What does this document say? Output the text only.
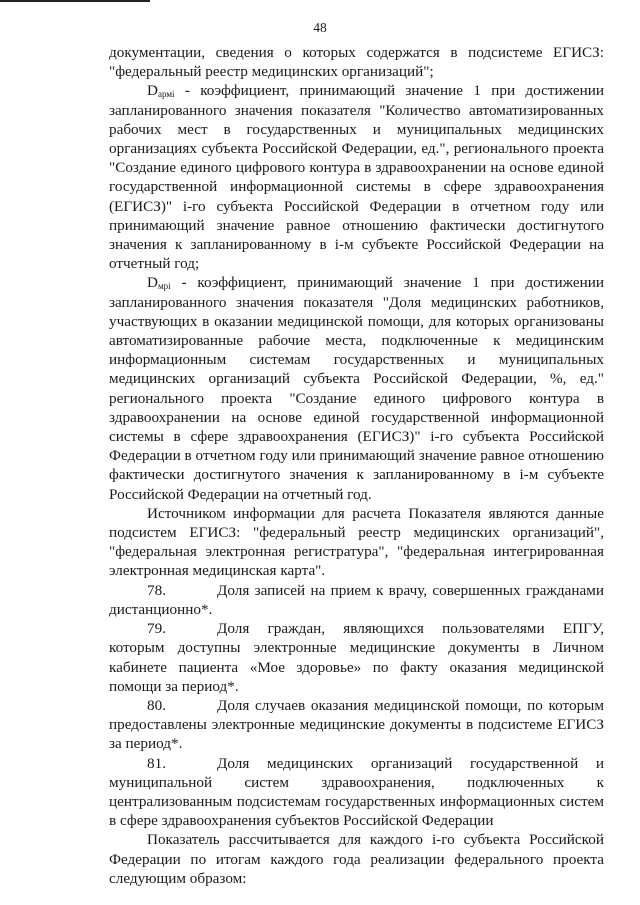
48

документации, сведения о которых содержатся в подсистеме ЕГИСЗ: "федеральный реестр медицинских организаций";

$D_{армi}$ - коэффициент, принимающий значение 1 при достижении запланированного значения показателя "Количество автоматизированных рабочих мест в государственных и муниципальных медицинских организациях субъекта Российской Федерации, ед.", регионального проекта "Создание единого цифрового контура в здравоохранении на основе единой государственной информационной системы в сфере здравоохранения (ЕГИСЗ)" i-го субъекта Российской Федерации в отчетном году или принимающий значение равное отношению фактически достигнутого значения к запланированному в i-м субъекте Российской Федерации на отчетный год;

$D_{мрi}$ - коэффициент, принимающий значение 1 при достижении запланированного значения показателя "Доля медицинских работников, участвующих в оказании медицинской помощи, для которых организованы автоматизированные рабочие места, подключенные к медицинским информационным системам государственных и муниципальных медицинских организаций субъекта Российской Федерации, %, ед." регионального проекта "Создание единого цифрового контура в здравоохранении на основе единой государственной информационной системы в сфере здравоохранения (ЕГИСЗ)" i-го субъекта Российской Федерации в отчетном году или принимающий значение равное отношению фактически достигнутого значения к запланированному в i-м субъекте Российской Федерации на отчетный год.

Источником информации для расчета Показателя являются данные подсистем ЕГИСЗ: "федеральный реестр медицинских организаций", "федеральная электронная регистратура", "федеральная интегрированная электронная медицинская карта".

78.	Доля записей на прием к врачу, совершенных гражданами дистанционно*.

79.	Доля граждан, являющихся пользователями ЕПГУ, которым доступны электронные медицинские документы в Личном кабинете пациента «Мое здоровье» по факту оказания медицинской помощи за период*.

80.	Доля случаев оказания медицинской помощи, по которым предоставлены электронные медицинские документы в подсистеме ЕГИСЗ за период*.

81.	Доля медицинских организаций государственной и муниципальной систем здравоохранения, подключенных к централизованным подсистемам государственных информационных систем в сфере здравоохранения субъектов Российской Федерации

Показатель рассчитывается для каждого i-го субъекта Российской Федерации по итогам каждого года реализации федерального проекта следующим образом:
